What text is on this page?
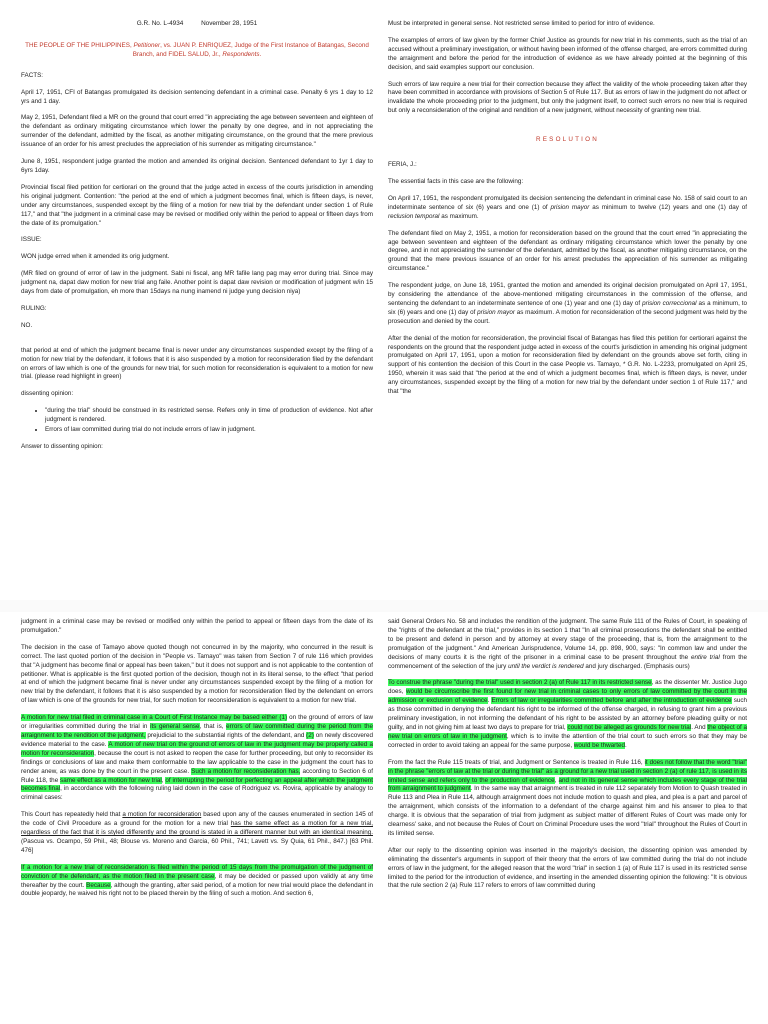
G.R. No. L-4934          November 28, 1951

THE PEOPLE OF THE PHILIPPINES, Petitioner, vs. JUAN P. ENRIQUEZ, Judge of the First Instance of Batangas, Second Branch, and FIDEL SALUD, Jr., Respondents.

FACTS:

April 17, 1951, CFI of Batangas promulgated its decision sentencing defendant in a criminal case. Penalty 6 yrs 1 day to 12 yrs and 1 day.

May 2, 1951, Defendant filed a MR on the ground that court erred "in appreciating the age between seventeen and eighteen of the defendant as ordinary mitigating circumstance which lower the penalty by one degree, and in not appreciating the surrender of the defendant, admitted by the fiscal, as another mitigating circumstance, on the ground that the mere previous issuance of an order for his arrest precludes the appreciation of his surrender as mitigating circumstance."

June 8, 1951, respondent judge granted the motion and amended its original decision. Sentenced defendant to 1yr 1 day to 6yrs 1day.

Provincial fiscal filed petition for certiorari on the ground that the judge acted in excess of the courts jurisdiction in amending his original judgment. Contention: "the period at the end of which a judgment becomes final, which is fifteen days, is never, under any circumstances, suspended except by the filing of a motion for new trial by the defendant under section 1 of Rule 117," and that "the judgment in a criminal case may be revised or modified only within the period to appeal or fifteen days from the date of its promulgation."

ISSUE:

WON judge erred when it amended its orig judgment.

(MR filed on ground of error of law in the judgment. Sabi ni fiscal, ang MR fafile lang pag may error during trial. Since may judgment na, dapat daw motion for new trial ang faile. Another point is dapat daw revision or modification of judgment w/in 15 days from date of promulgation, eh more than 15days na nung inamend ni judge yung decision niya)

RULING:

NO.

that period at end of which the judgment became final is never under any circumstances suspended except by the filing of a motion for new trial by the defendant, it follows that it is also suspended by a motion for reconsideration filed by the defendant on errors of law which is one of the grounds for new trial, for such motion for reconsideration is equivalent to a motion for new trial. (please read highlight in green)

dissenting opinion:

• "during the trial" should be construed in its restricted sense. Refers only in time of production of evidence. Not after judgment is rendered.
• Errors of law committed during trial do not include errors of law in judgment.

Answer to dissenting opinion:

Must be interpreted in general sense. Not restricted sense limited to period for intro of evidence.

The examples of errors of law given by the former Chief Justice as grounds for new trial in his comments, such as the trial of an accused without a preliminary investigation, or without having been informed of the offense charged, are errors committed during the arraignment and before the period for the introduction of evidence as we have already pointed at the beginning of this decision, and said examples support our conclusion.

Such errors of law require a new trial for their correction because they affect the validity of the whole proceeding taken after they have been committed in accordance with provisions of Section 5 of Rule 117. But as errors of law in the judgment do not affect or invalidate the whole proceeding prior to the judgment, but only the judgment itself, to correct such errors no new trial is required but only a reconsideration of the original and rendition of a new judgment, without necessity of granting new trial.

RESOLUTION

FERIA, J.:

The essential facts in this case are the following:

On April 17, 1951, the respondent promulgated its decision sentencing the defendant in criminal case No. 158 of said court to an indeterminate sentence of six (6) years and one (1) of prision mayor as minimum to twelve (12) years and one (1) day of reclusion temporal as maximum.

The defendant filed on May 2, 1951, a motion for reconsideration based on the ground that the court erred "in appreciating the age between seventeen and eighteen of the defendant as ordinary mitigating circumstance which lower the penalty by one degree, and in not appreciating the surrender of the defendant, admitted by the fiscal, as another mitigating circumstance, on the ground that the mere previous issuance of an order for his arrest precludes the appreciation of his surrender as mitigating circumstance."

The respondent judge, on June 18, 1951, granted the motion and amended its original decision promulgated on April 17, 1951, by considering the attendance of the above-mentioned mitigating circumstances in the commission of the offense, and sentencing the defendant to an indeterminate sentence of one (1) year and one (1) day of prision correccional as a minimum, to six (6) years and one (1) day of prision mayor as maximum. A motion for reconsideration of the second judgment was held by the prosecution and denied by the court.

After the denial of the motion for reconsideration, the provincial fiscal of Batangas has filed this petition for certiorari against the respondents on the ground that the respondent judge acted in excess of the court's jurisdiction in amending his original judgment promulgated on April 17, 1951, upon a motion for reconsideration filed by defendant on the grounds above set forth, citing in support of his contention the decision of this Court in the case People vs. Tamayo, * G.R. No. L-2233, promulgated on April 25, 1950, wherein it was said that "the period at the end of which a judgment becomes final, which is fifteen days, is never, under any circumstances, suspended except by the filing of a motion for new trial by the defendant under section 1 of Rule 117," and that "the

judgment in a criminal case may be revised or modified only within the period to appeal or fifteen days from the date of its promulgation."

The decision in the case of Tamayo above quoted though not concurred in by the majority, who concurred in the result is correct. The last quoted portion of the decision in "People vs. Tamayo" was taken from Section 7 of rule 116 which provides that "A judgment has become final or appeal has been taken," but it does not support and is not applicable to the contention of petitioner. What is applicable is the first quoted portion of the decision, though not in its literal sense, to the effect "that period at end of which the judgment became final is never under any circumstances suspended except by the filing of a motion for new trial by the defendant, it follows that it is also suspended by a motion for reconsideration filed by the defendant on errors of law which is one of the grounds for new trial, for such motion for reconsideration is equivalent to a motion for new trial.

A motion for new trial filed in criminal case in a Court of First Instance may be based either (1) on the ground of errors of law or irregularities committed during the trial in its general sense, that is, errors of law committed during the period from the arraignment to the rendition of the judgment, prejudicial to the substantial rights of the defendant, and (2) on newly discovered evidence material to the case. A motion of new trial on the ground of errors of law in the judgment may be properly called a motion for reconsideration, because the court is not asked to reopen the case for further proceeding, but only to reconsider its findings or conclusions of law and make them conformable to the law applicable to the case in the judgment the court has to render anew, as was done by the court in the present case. Such a motion for reconsideration has, according to Section 6 of Rule 118, the same effect as a motion for new trial, of interrupting the period for perfecting an appeal after which the judgment becomes final, in accordance with the following ruling laid down in the case of Rodriguez vs. Rovira, applicable by analogy to criminal cases:

This Court has repeatedly held that a motion for reconsideration based upon any of the causes enumerated in section 145 of the code of Civil Procedure as a ground for the motion for a new trial has the same effect as a motion for a new trial, regardless of the fact that it is styled differently and the ground is stated in a different manner but with an identical meaning. (Pascua vs. Ocampo, 59 Phil., 48; Blouse vs. Moreno and Garcia, 60 Phil., 741; Lavett vs. Sy Quia, 61 Phil., 847.) [63 Phil. 476]

If a motion for a new trial of reconsideration is filed within the period of 15 days from the promulgation of the judgment of conviction of the defendant, as the motion filed in the present case, it may be decided or passed upon validly at any time thereafter by the court. Because, although the granting, after said period, of a motion for new trial would place the defendant in double jeopardy, he waived his right not to be placed therein by the filing of such a motion. And section 6,

said General Orders No. 58 and includes the rendition of the judgment. The same Rule 111 of the Rules of Court, in speaking of the "rights of the defendant at the trial," provides in its section 1 that "In all criminal prosecutions the defendant shall be entitled to be present and defend in person and by attorney at every stage of the proceeding, that is, from the arraignment to the promulgation of the judgment." And American Jurisprudence, Volume 14, pp. 898, 900, says: "In common law and under the decisions of many courts it is the right of the prisoner in a criminal case to be present throughout the entire trial from the commencement of the selection of the jury until the verdict is rendered and jury discharged. (Emphasis ours)

To construe the phrase "during the trial" used in section 2 (a) of Rule 117 in its restricted sense, as the dissenter Mr. Justice Jugo does, would be circumscribe the first found for new trial in criminal cases to only errors of law committed by the court in the admission or exclusion of evidence. Errors of law or irregularities committed before and after the introduction of evidence such as those committed in denying the defendant his right to be informed of the offense charged, in refusing to grant him a previous preliminary investigation, in not informing the defendant of his right to be assisted by an attorney before pleading guilty or not guilty, and in not giving him at least two days to prepare for trial, could not be alleged as grounds for new trial. And the object of a new trial on errors of law in the judgment, which is to invite the attention of the trial court to such errors so that they may be corrected in order to avoid taking an appeal for the same purpose, would be thwarted.

From the fact the Rule 115 treats of trial, and Judgment or Sentence is treated in Rule 116, it does not follow that the word "trial" in the phrase "errors of law at the trial or during the trial" as a ground for a new trial used in section 2 (a) of rule 117, is used in its limited sense and refers only to the production of evidence, and not in its general sense which includes every stage of the trial from arraignment to judgment. In the same way that arraignment is treated in rule 112 separately from Motion to Quash treated in Rule 113 and Plea in Rule 114, although arraignment does not include motion to quash and plea, and plea is a part and parcel of the arraignment, which consists of the information to a defendant of the charge against him and his answer to plea to that charge. It is obvious that the separation of trial from judgment as subject matter of different Rules of Court was made only for clearness' sake, and not because the Rules of Court on Criminal Procedure uses the word "trial" throughout the Rules of Court in its limited sense.

After our reply to the dissenting opinion was inserted in the majority's decision, the dissenting opinion was amended by eliminating the dissenter's arguments in support of their theory that the errors of law committed during the trial do not include errors of law in the judgment, for the alleged reason that the word "trial" in section 1 (a) of Rule 117 is used in its restricted sense limited to the period for the introduction of evidence, and inserting in the amended dissenting opinion the following: "It is obvious that the rule section 2 (a) Rule 117 refers to errors of law committed during
